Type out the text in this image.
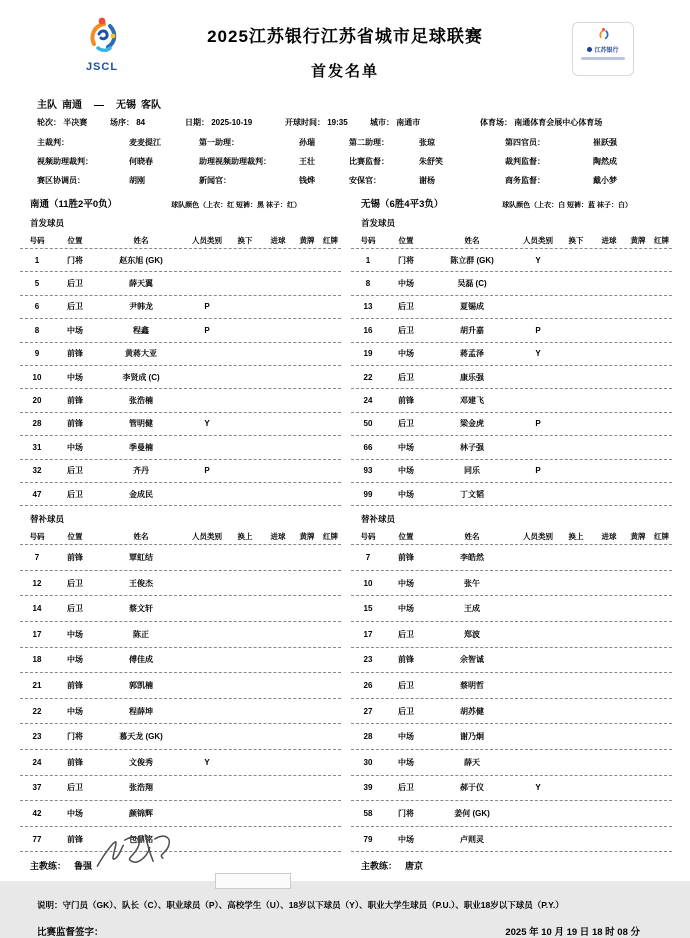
JSCL
2025江苏银行江苏省城市足球联赛
首发名单
江苏银行
主队 南通 — 无锡 客队
轮次： 半决赛	场序： 84	日期： 2025-10-19	开球时间： 19:35	城市： 南通市	体育场： 南通体育会展中心体育场
主裁判：	麦麦提江	第一助理：	孙瑞	第二助理：	张琼	第四官员：	崔跃强
视频助理裁判：	何晓春	助理视频助理裁判：	王壮	比赛监督：	朱舒笑	裁判监督：	陶然成
赛区协调员：	胡刚	新闻官：	钱烨	安保官：	谢杨	商务监督：	戴小梦
南通（11胜2平0负）	球队颜色（上衣：红 短裤：黑 袜子：红）
首发球员
号码	位置	姓名	人员类别	换下	进球	黄牌	红牌
1	门将	赵东旭 (GK)
5	后卫	薛天翼
6	后卫	尹韩龙	P
8	中场	程鑫	P
9	前锋	黄蒋大亚
10	中场	李贤成 (C)
20	前锋	张浩楠
28	前锋	管明健	Y
31	中场	季曼楠
32	后卫	齐丹	P
47	后卫	金成民
替补球员
号码	位置	姓名	人员类别	换上	进球	黄牌	红牌
7	前锋	覃虹结
12	后卫	王俊杰
14	后卫	蔡文轩
17	中场	陈正
18	中场	傅佳成
21	前锋	郭凯楠
22	中场	程薛坤
23	门将	慕天龙 (GK)
24	前锋	文俊秀	Y
37	后卫	张浩翔
42	中场	颜锦辉
77	前锋	包鼎铭
主教练： 鲁强
无锡（6胜4平3负）	球队颜色（上衣：白 短裤：蓝 袜子：白）
首发球员
号码	位置	姓名	人员类别	换下	进球	黄牌	红牌
1	门将	陈立群 (GK)	Y
8	中场	吴磊 (C)
13	后卫	夏锡成
16	后卫	胡升嘉	P
19	中场	蒋孟泽	Y
22	后卫	康乐强
24	前锋	邓建飞
50	后卫	梁金虎	P
66	中场	林子强
93	中场	同乐	P
99	中场	丁文韬
替补球员
号码	位置	姓名	人员类别	换上	进球	黄牌	红牌
7	前锋	李皓然
10	中场	张午
15	中场	王成
17	后卫	郑波
23	前锋	余智诚
26	后卫	蔡明哲
27	后卫	胡苏健
28	中场	谢乃炯
30	中场	薛天
39	后卫	郝于仪	Y
58	门将	姜何 (GK)
79	中场	卢则灵
主教练： 唐京
说明：守门员（GK）、队长（C）、职业球员（P）、高校学生（U）、18岁以下球员（Y）、职业大学生球员（P.U.）、职业18岁以下球员（P.Y.）
比赛监督签字：	2025 年 10 月 19 日 18 时 08 分
